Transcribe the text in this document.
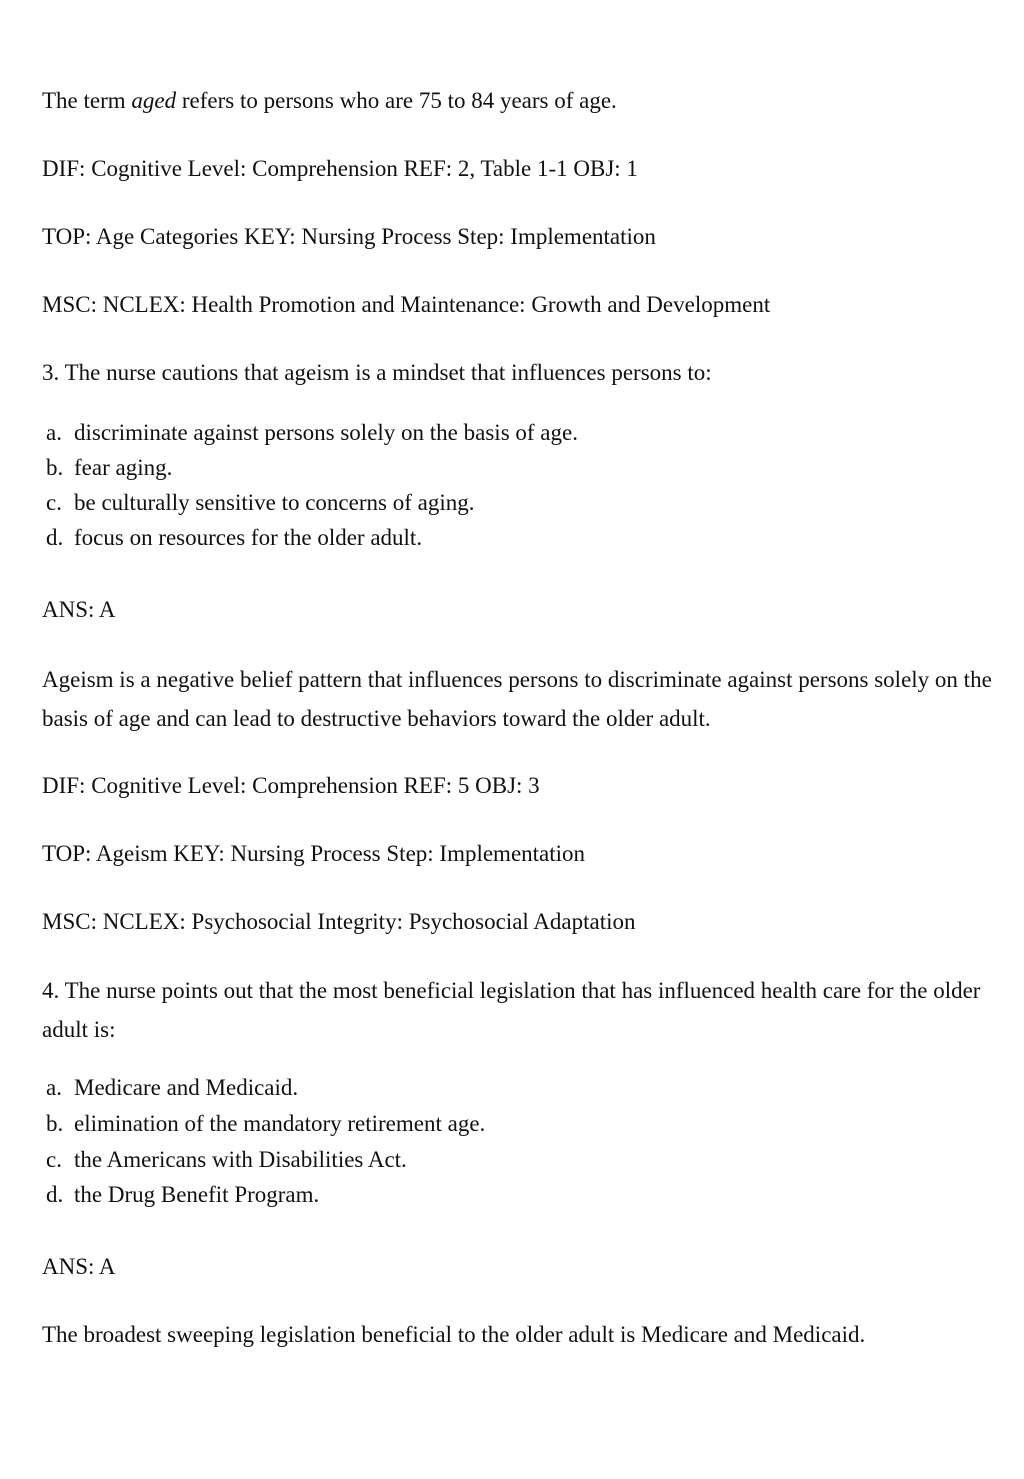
The term aged refers to persons who are 75 to 84 years of age.
DIF: Cognitive Level: Comprehension REF: 2, Table 1-1 OBJ: 1
TOP: Age Categories KEY: Nursing Process Step: Implementation
MSC: NCLEX: Health Promotion and Maintenance: Growth and Development
3. The nurse cautions that ageism is a mindset that influences persons to:
a. discriminate against persons solely on the basis of age.
b. fear aging.
c. be culturally sensitive to concerns of aging.
d. focus on resources for the older adult.
ANS: A
Ageism is a negative belief pattern that influences persons to discriminate against persons solely on the basis of age and can lead to destructive behaviors toward the older adult.
DIF: Cognitive Level: Comprehension REF: 5 OBJ: 3
TOP: Ageism KEY: Nursing Process Step: Implementation
MSC: NCLEX: Psychosocial Integrity: Psychosocial Adaptation
4. The nurse points out that the most beneficial legislation that has influenced health care for the older adult is:
a. Medicare and Medicaid.
b. elimination of the mandatory retirement age.
c. the Americans with Disabilities Act.
d. the Drug Benefit Program.
ANS: A
The broadest sweeping legislation beneficial to the older adult is Medicare and Medicaid.
